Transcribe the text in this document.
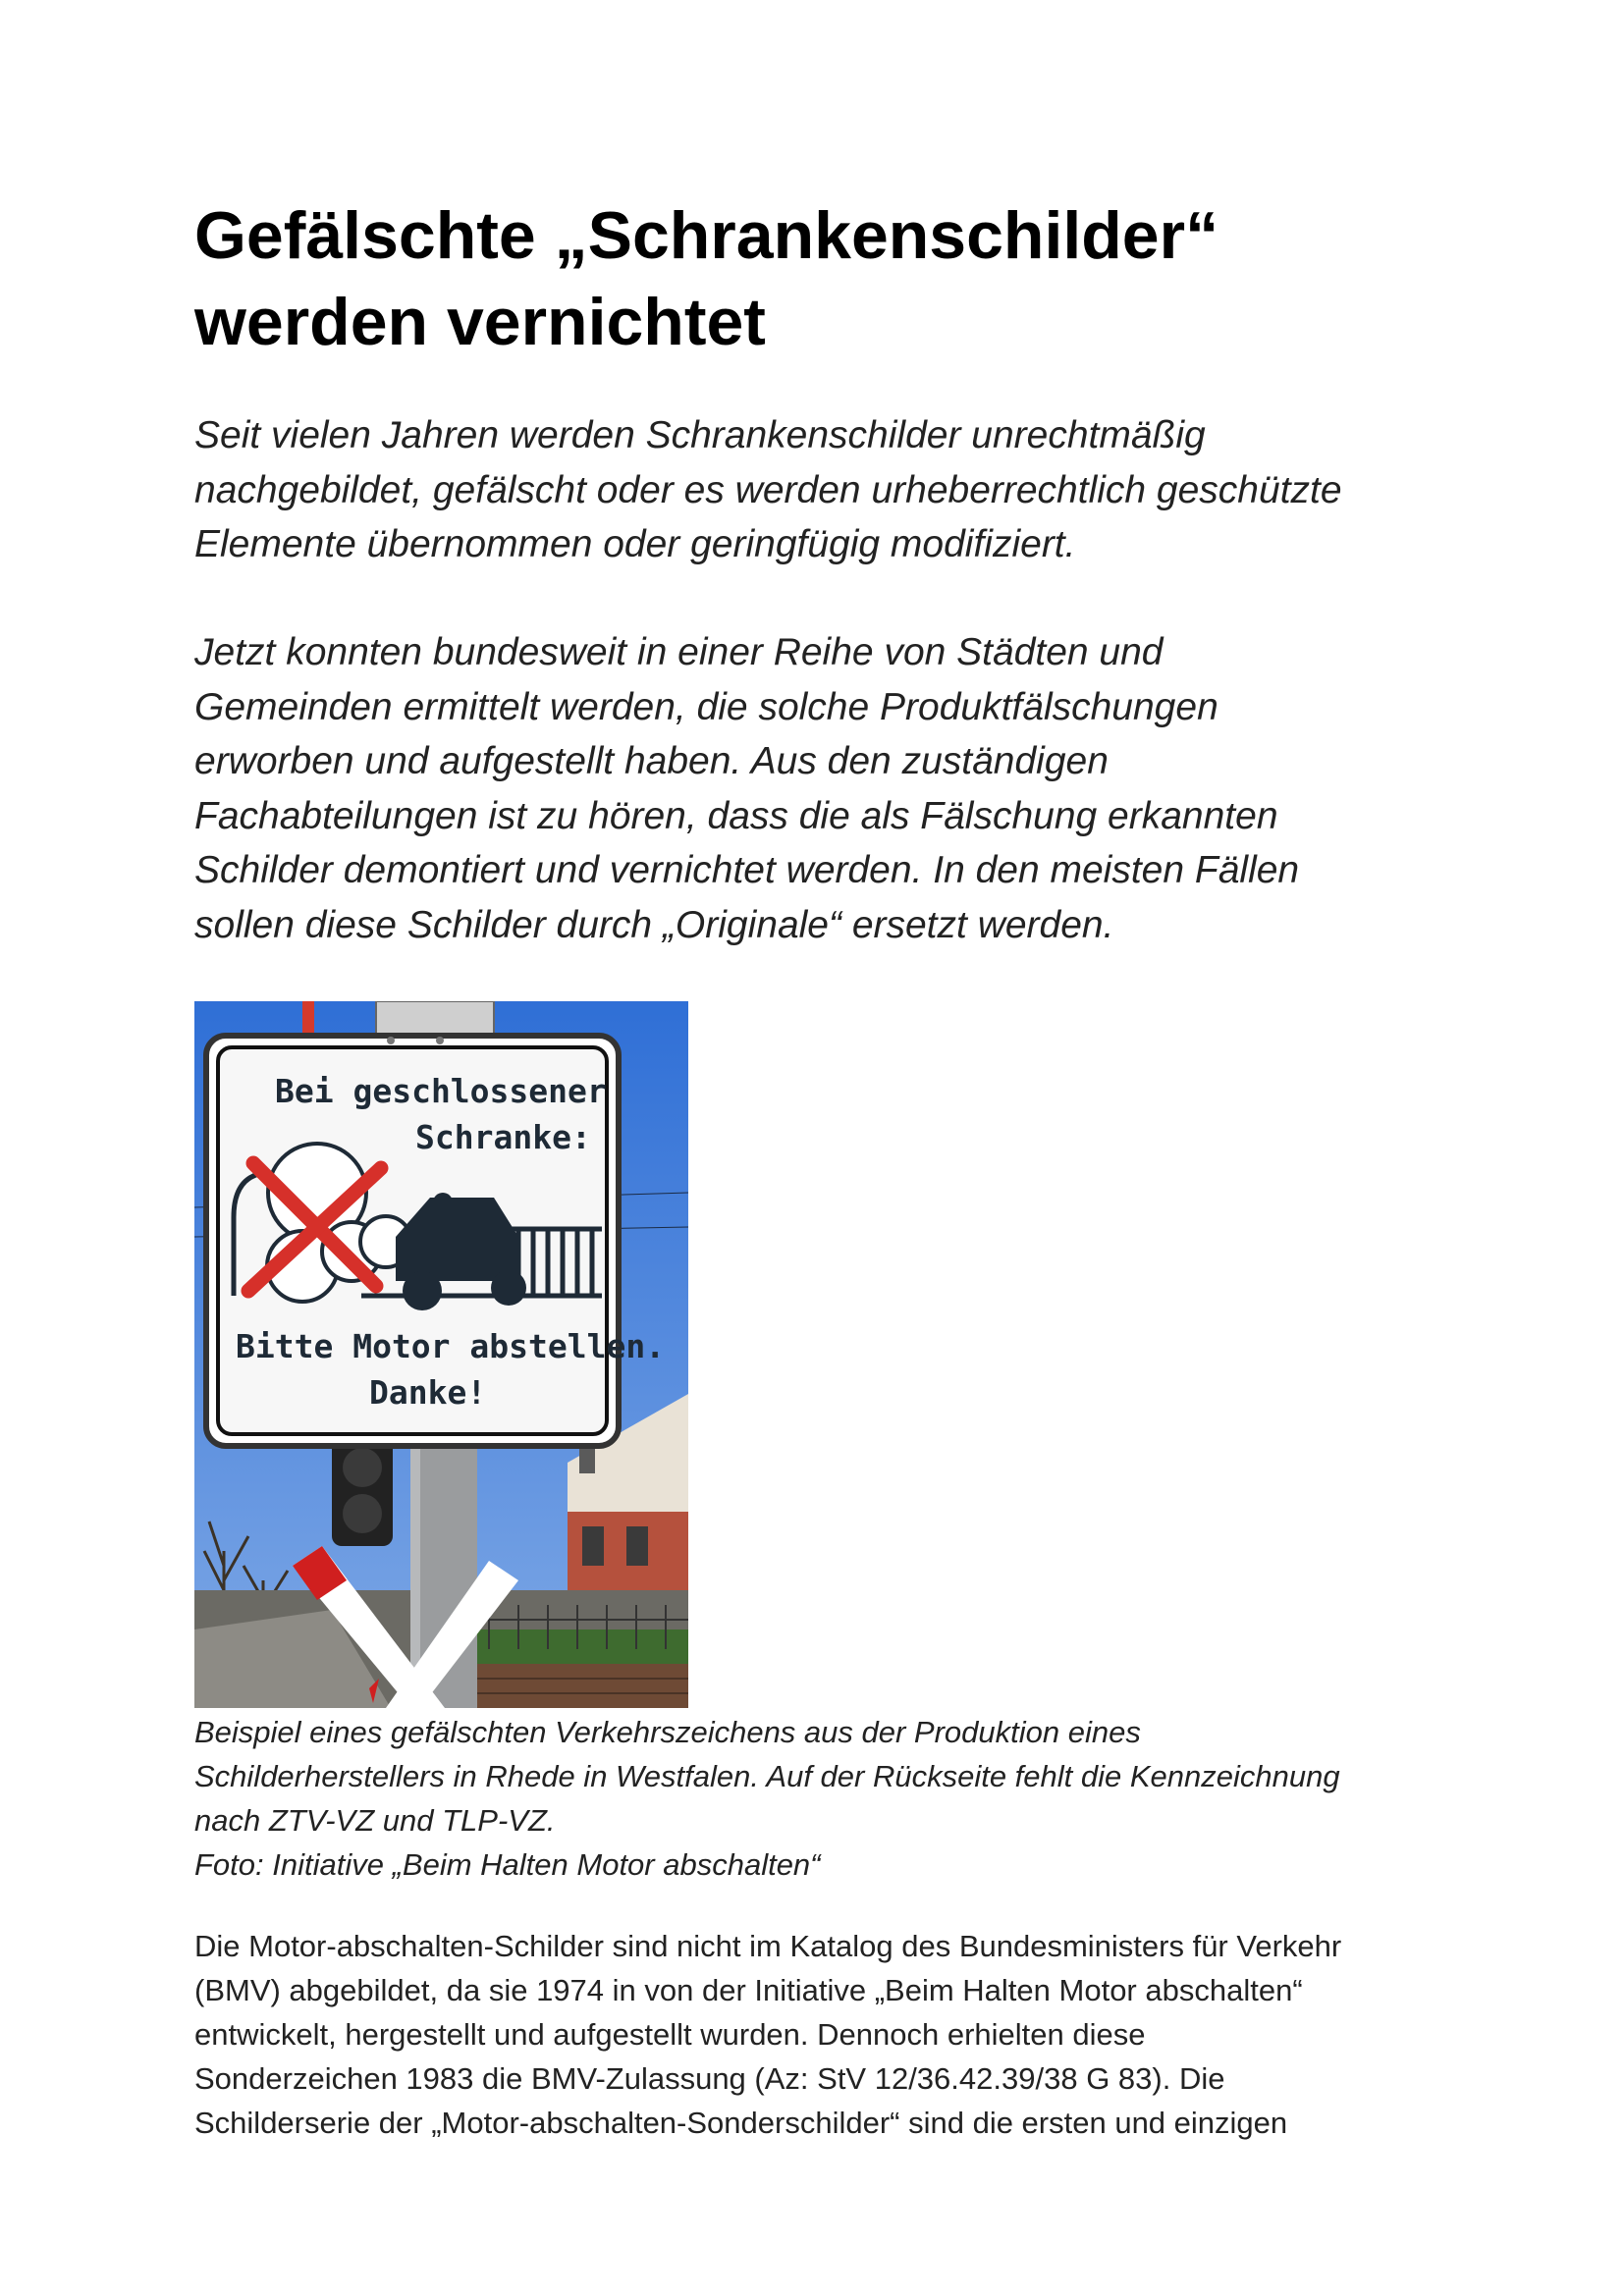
Gefälschte „Schrankenschilder“
werden vernichtet

Seit vielen Jahren werden Schrankenschilder unrechtmäßig
nachgebildet, gefälscht oder es werden urheberrechtlich geschützte
Elemente übernommen oder geringfügig modifiziert.

Jetzt konnten bundesweit in einer Reihe von Städten und
Gemeinden ermittelt werden, die solche Produktfälschungen
erworben und aufgestellt haben. Aus den zuständigen
Fachabteilungen ist zu hören, dass die als Fälschung erkannten
Schilder demontiert und vernichtet werden. In den meisten Fällen
sollen diese Schilder durch „Originale“ ersetzt werden.

Bei geschlossener
Schranke:
Bitte Motor abstellen.
Danke!

Beispiel eines gefälschten Verkehrszeichens aus der Produktion eines
Schilderherstellers in Rhede in Westfalen. Auf der Rückseite fehlt die Kennzeichnung
nach ZTV-VZ und TLP-VZ.
Foto: Initiative „Beim Halten Motor abschalten“

Die Motor-abschalten-Schilder sind nicht im Katalog des Bundesministers für Verkehr
(BMV) abgebildet, da sie 1974 in von der Initiative „Beim Halten Motor abschalten“
entwickelt, hergestellt und aufgestellt wurden. Dennoch erhielten diese
Sonderzeichen 1983 die BMV-Zulassung (Az: StV 12/36.42.39/38 G 83). Die
Schilderserie der „Motor-abschalten-Sonderschilder“ sind die ersten und einzigen
